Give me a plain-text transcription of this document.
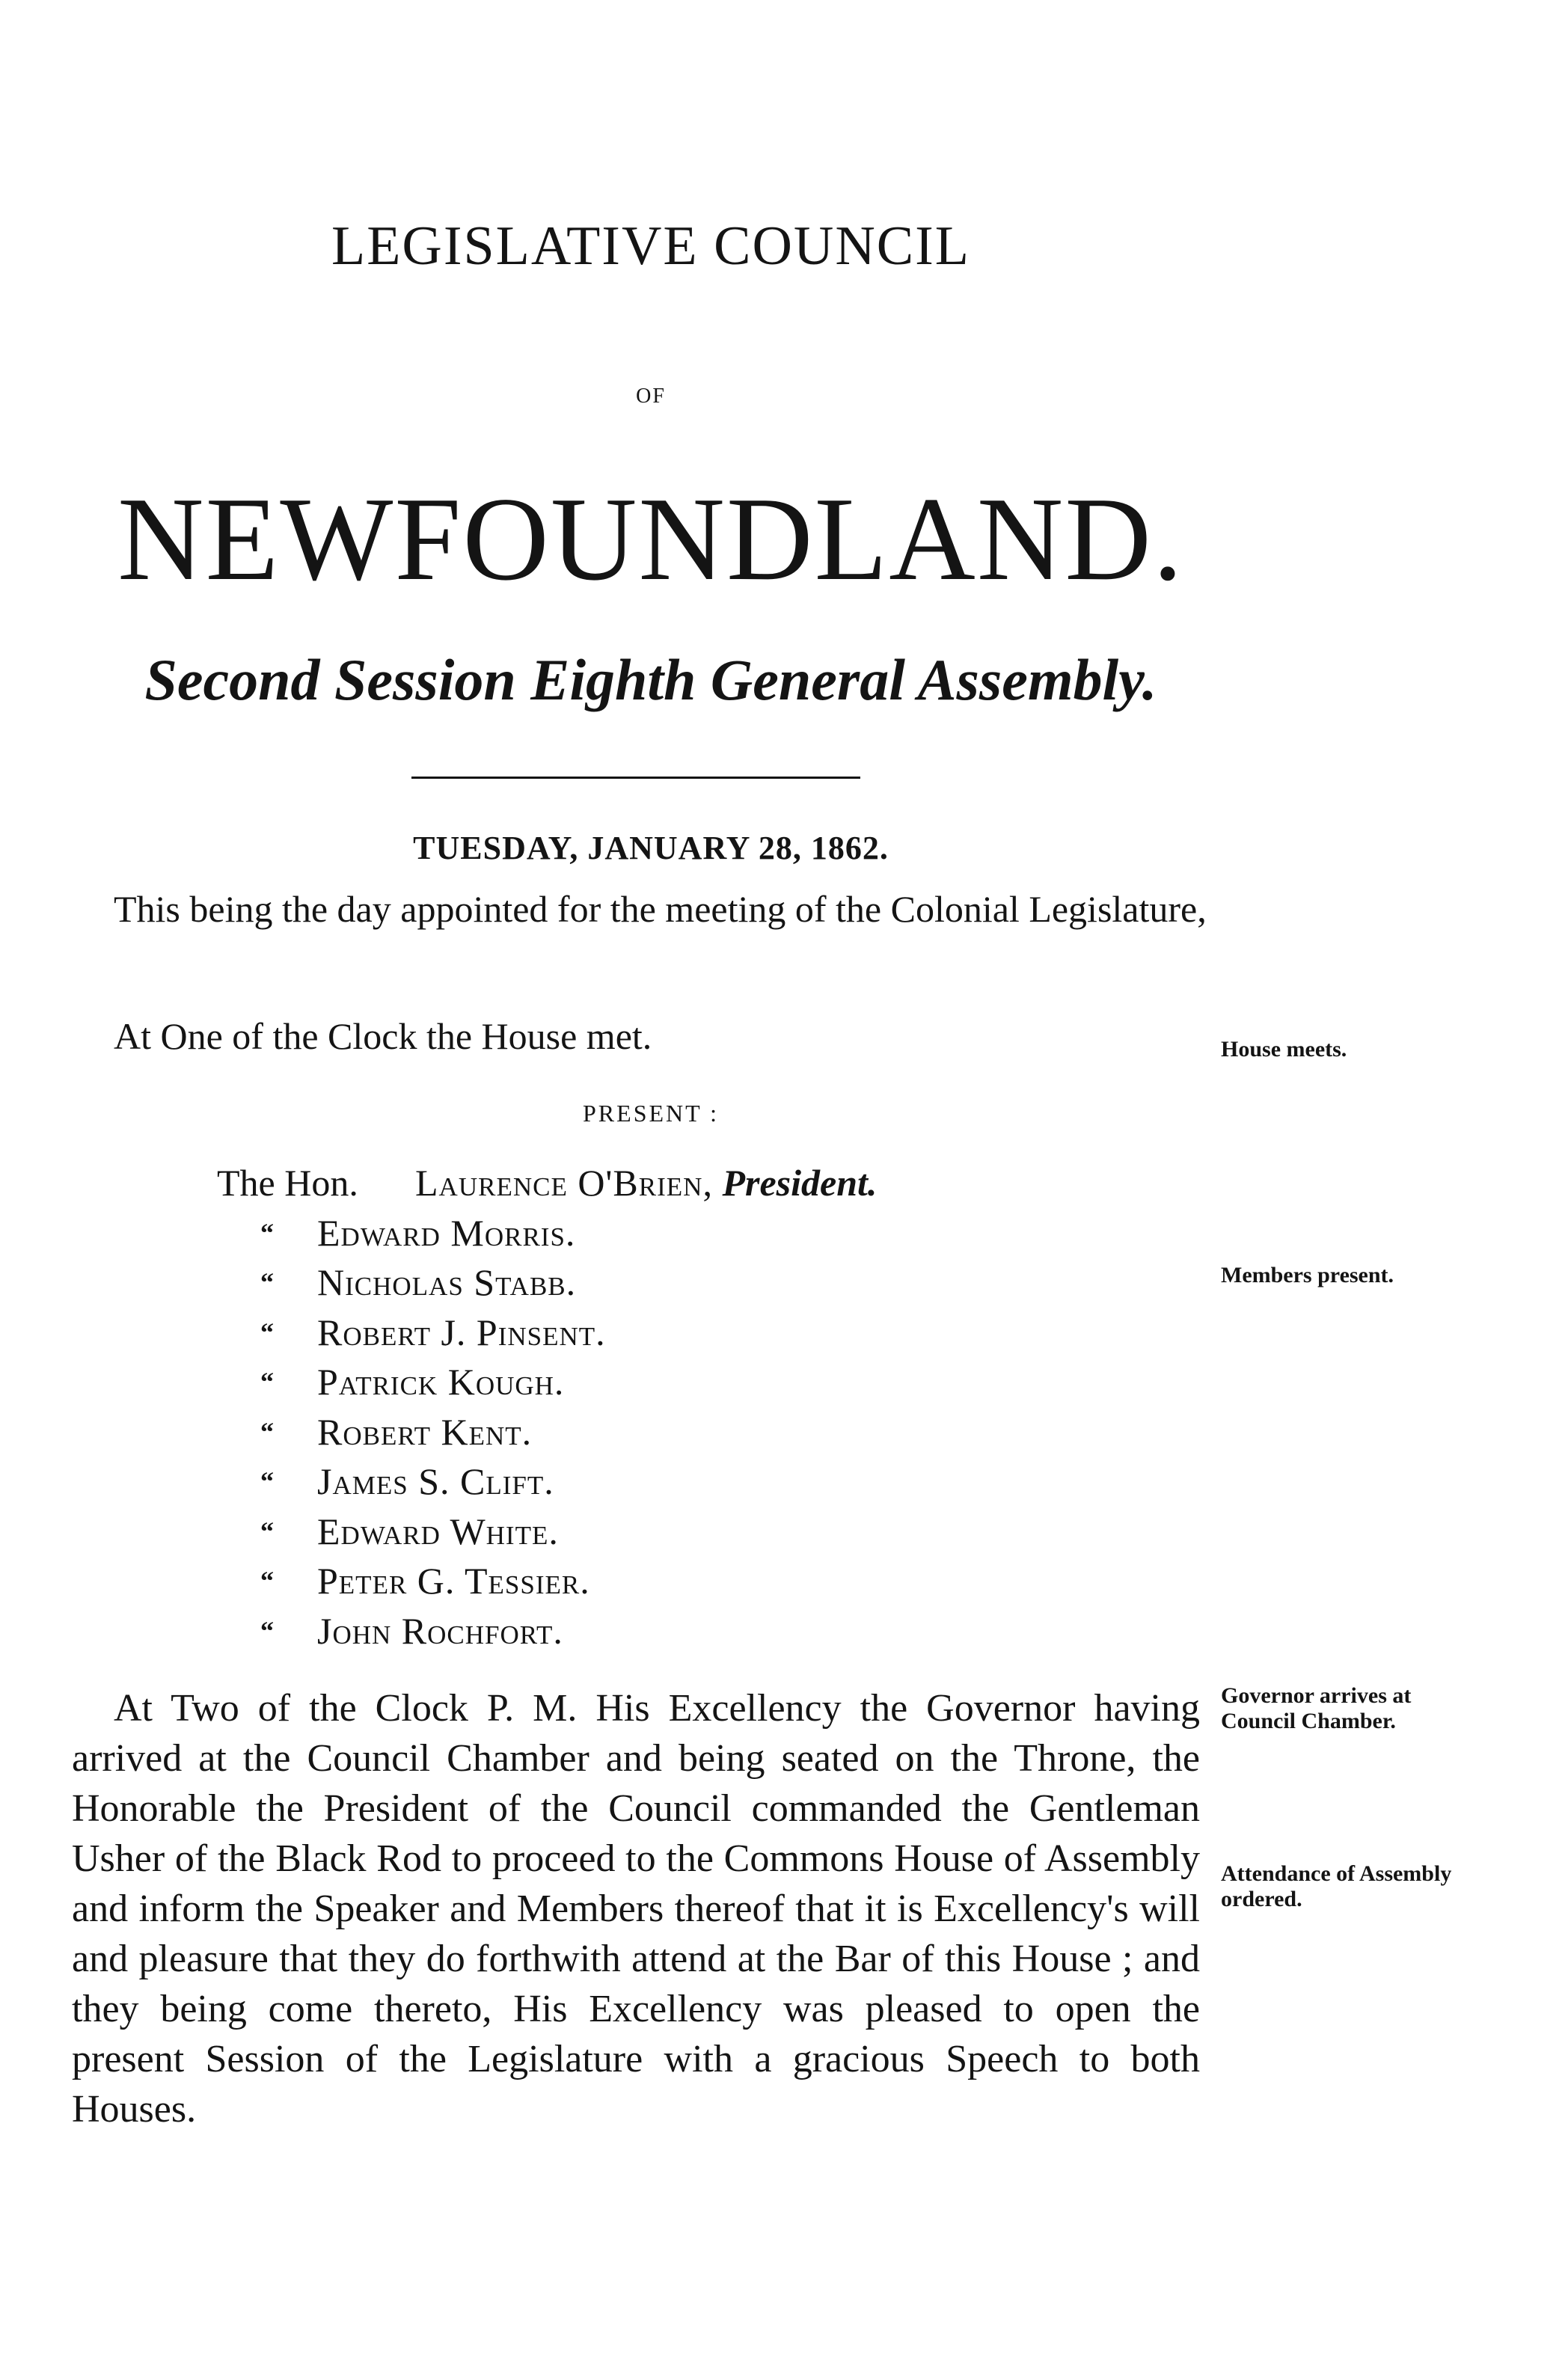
LEGISLATIVE COUNCIL
OF
NEWFOUNDLAND.
Second Session Eighth General Assembly.
TUESDAY, JANUARY 28, 1862.
This being the day appointed for the meeting of the Colonial Legislature,
At One of the Clock the House met.
PRESENT :
The Hon. Laurence O'Brien, President.
“ Edward Morris.
“ Nicholas Stabb.
“ Robert J. Pinsent.
“ Patrick Kough.
“ Robert Kent.
“ James S. Clift.
“ Edward White.
“ Peter G. Tessier.
“ John Rochfort.
At Two of the Clock P. M. His Excellency the Governor having arrived at the Council Chamber and being seated on the Throne, the Honorable the President of the Council commanded the Gentleman Usher of the Black Rod to proceed to the Commons House of Assembly and inform the Speaker and Members thereof that it is Excellency's will and pleasure that they do forthwith attend at the Bar of this House ; and they being come thereto, His Excellency was pleased to open the present Session of the Legislature with a gracious Speech to both Houses.
House meets.
Members present.
Governor arrives at Council Chamber.
Attendance of Assembly ordered.
